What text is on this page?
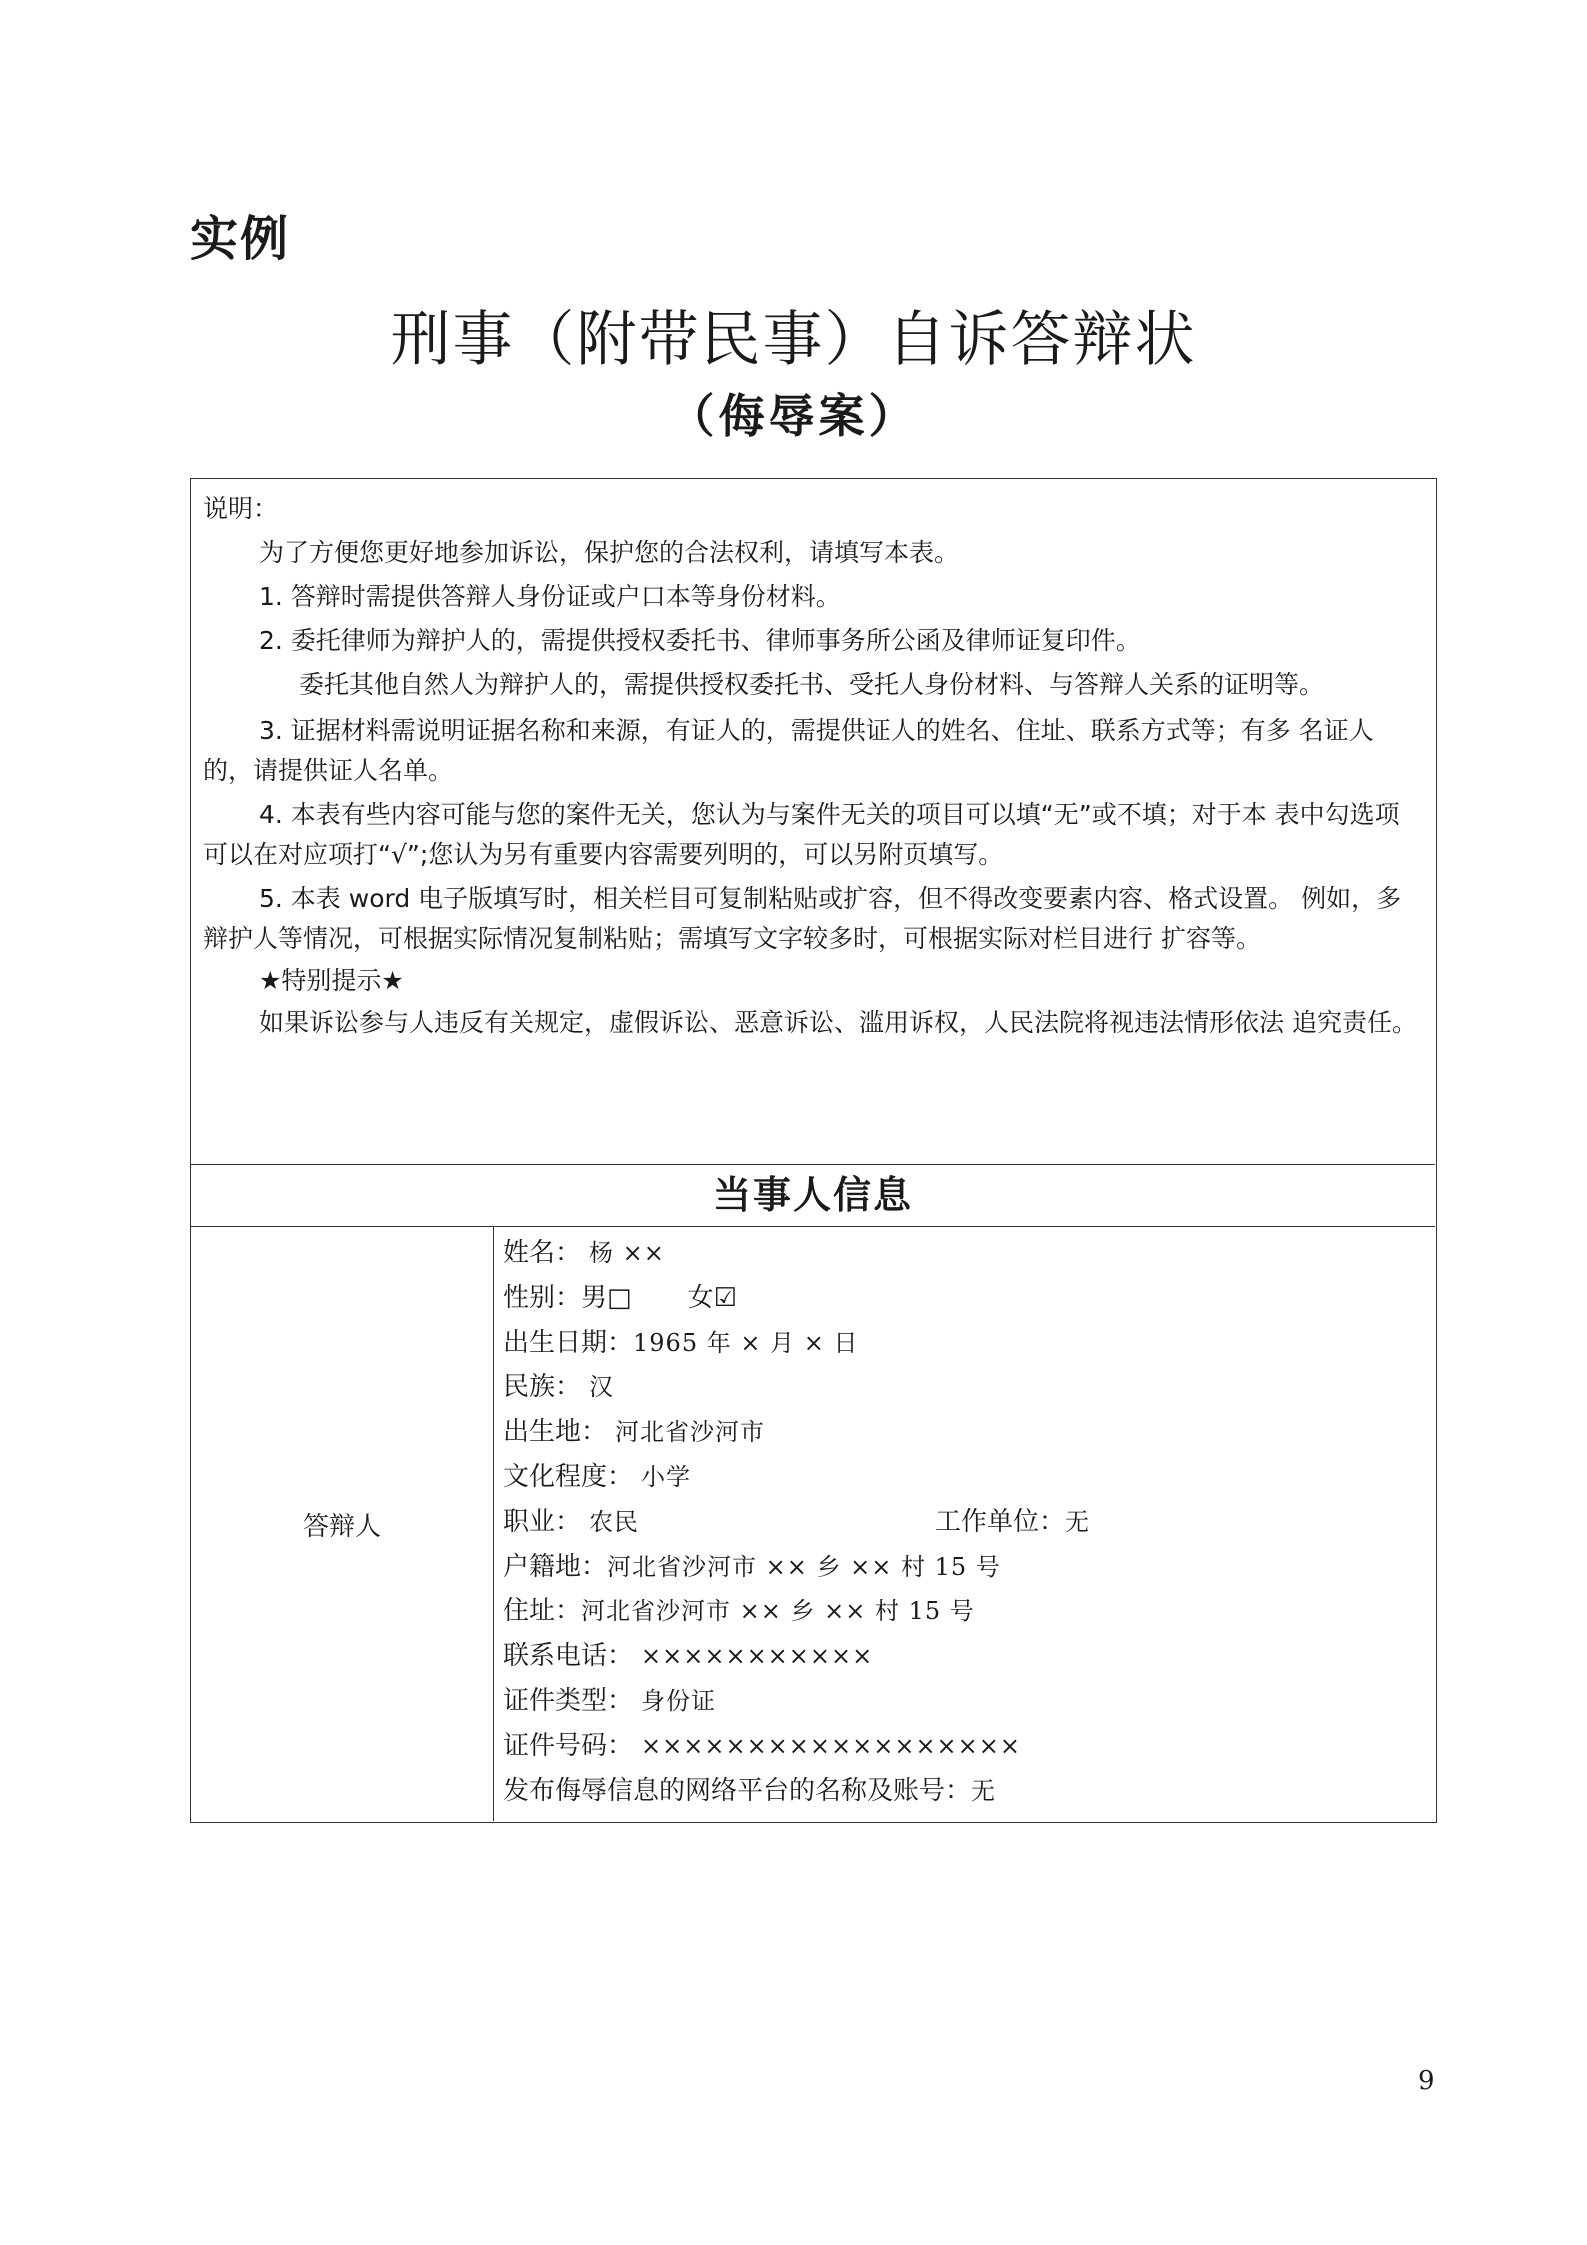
实例
刑事（附带民事）自诉答辩状
（侮辱案）

说明：

为了方便您更好地参加诉讼，保护您的合法权利，请填写本表。

1. 答辩时需提供答辩人身份证或户口本等身份材料。

2. 委托律师为辩护人的，需提供授权委托书、律师事务所公函及律师证复印件。

委托其他自然人为辩护人的，需提供授权委托书、受托人身份材料、与答辩人关系的证明等。

3. 证据材料需说明证据名称和来源，有证人的，需提供证人的姓名、住址、联系方式等；有多 名证人的，请提供证人名单。

4. 本表有些内容可能与您的案件无关，您认为与案件无关的项目可以填“无”或不填；对于本 表中勾选项可以在对应项打“√”;您认为另有重要内容需要列明的，可以另附页填写。

5. 本表 word 电子版填写时，相关栏目可复制粘贴或扩容，但不得改变要素内容、格式设置。 例如，多辩护人等情况，可根据实际情况复制粘贴；需填写文字较多时，可根据实际对栏目进行 扩容等。

★特别提示★

如果诉讼参与人违反有关规定，虚假诉讼、恶意诉讼、滥用诉权，人民法院将视违法情形依法 追究责任。

当事人信息
答辩人
姓名： 杨 ××
性别：男□ 女☑
出生日期：1965 年 × 月 × 日
民族： 汉
出生地： 河北省沙河市
文化程度： 小学
职业： 农民	工作单位：无
户籍地：河北省沙河市 ×× 乡 ×× 村 15 号
住址：河北省沙河市 ×× 乡 ×× 村 15 号
联系电话： ×××××××××××
证件类型： 身份证
证件号码： ××××××××××××××××××
发布侮辱信息的网络平台的名称及账号：无
9
